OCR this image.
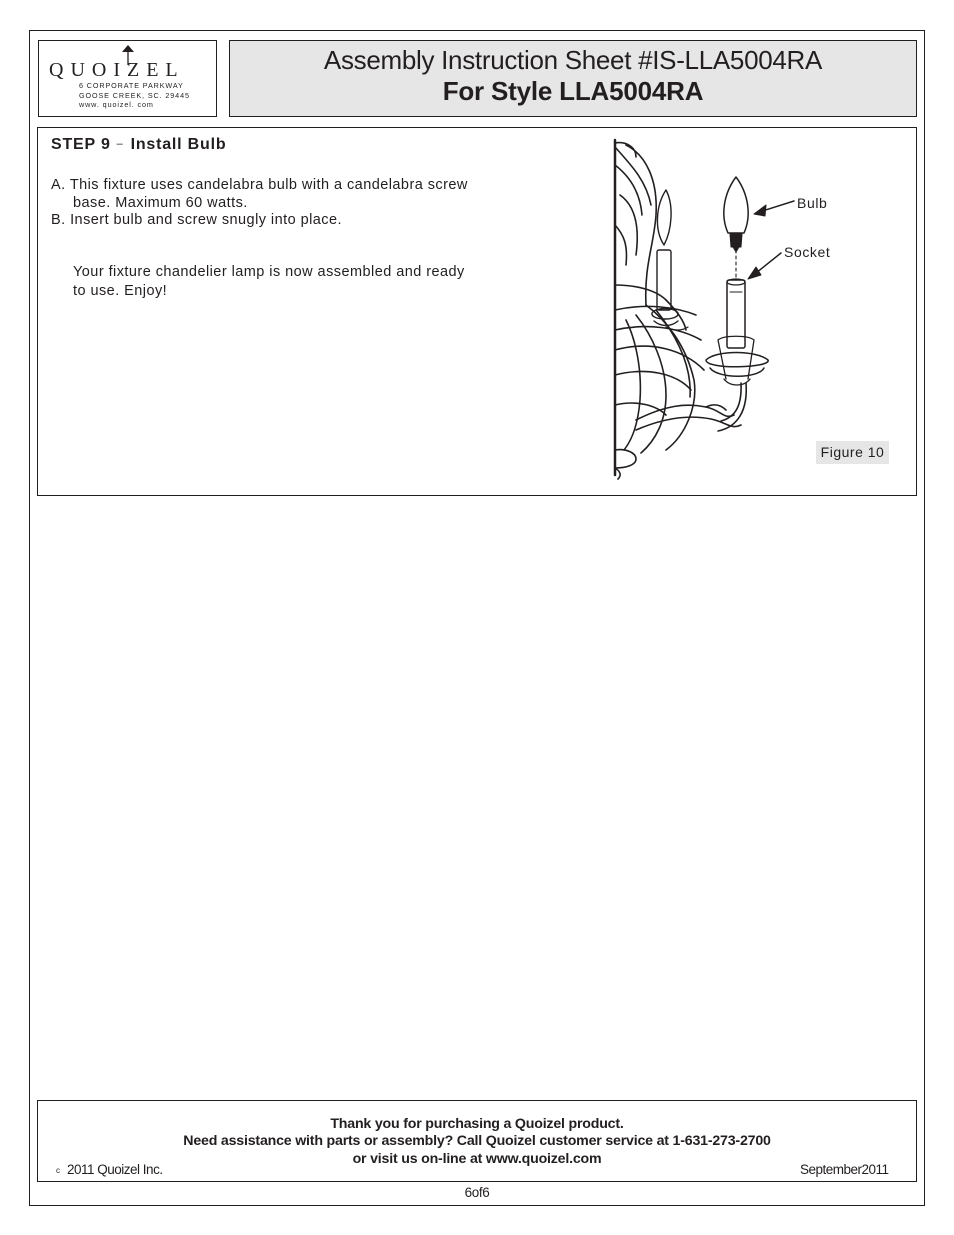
QUOIZEL
6 CORPORATE PARKWAY
GOOSE CREEK, SC. 29445
www. quoizel. com
Assembly Instruction Sheet #IS-LLA5004RA
For Style LLA5004RA
STEP 9 – Install Bulb
A. This fixture uses candelabra bulb with a candelabra screw
base. Maximum 60 watts.
B. Insert bulb and screw snugly into place.
Your fixture chandelier lamp is now assembled and ready
to use. Enjoy!
Bulb
Socket
Figure 10
Thank you for purchasing a Quoizel product.
Need assistance with parts or assembly? Call Quoizel customer service at 1-631-273-2700
or visit us on-line at www.quoizel.com
c 2011 Quoizel Inc.	September2011
6of6
